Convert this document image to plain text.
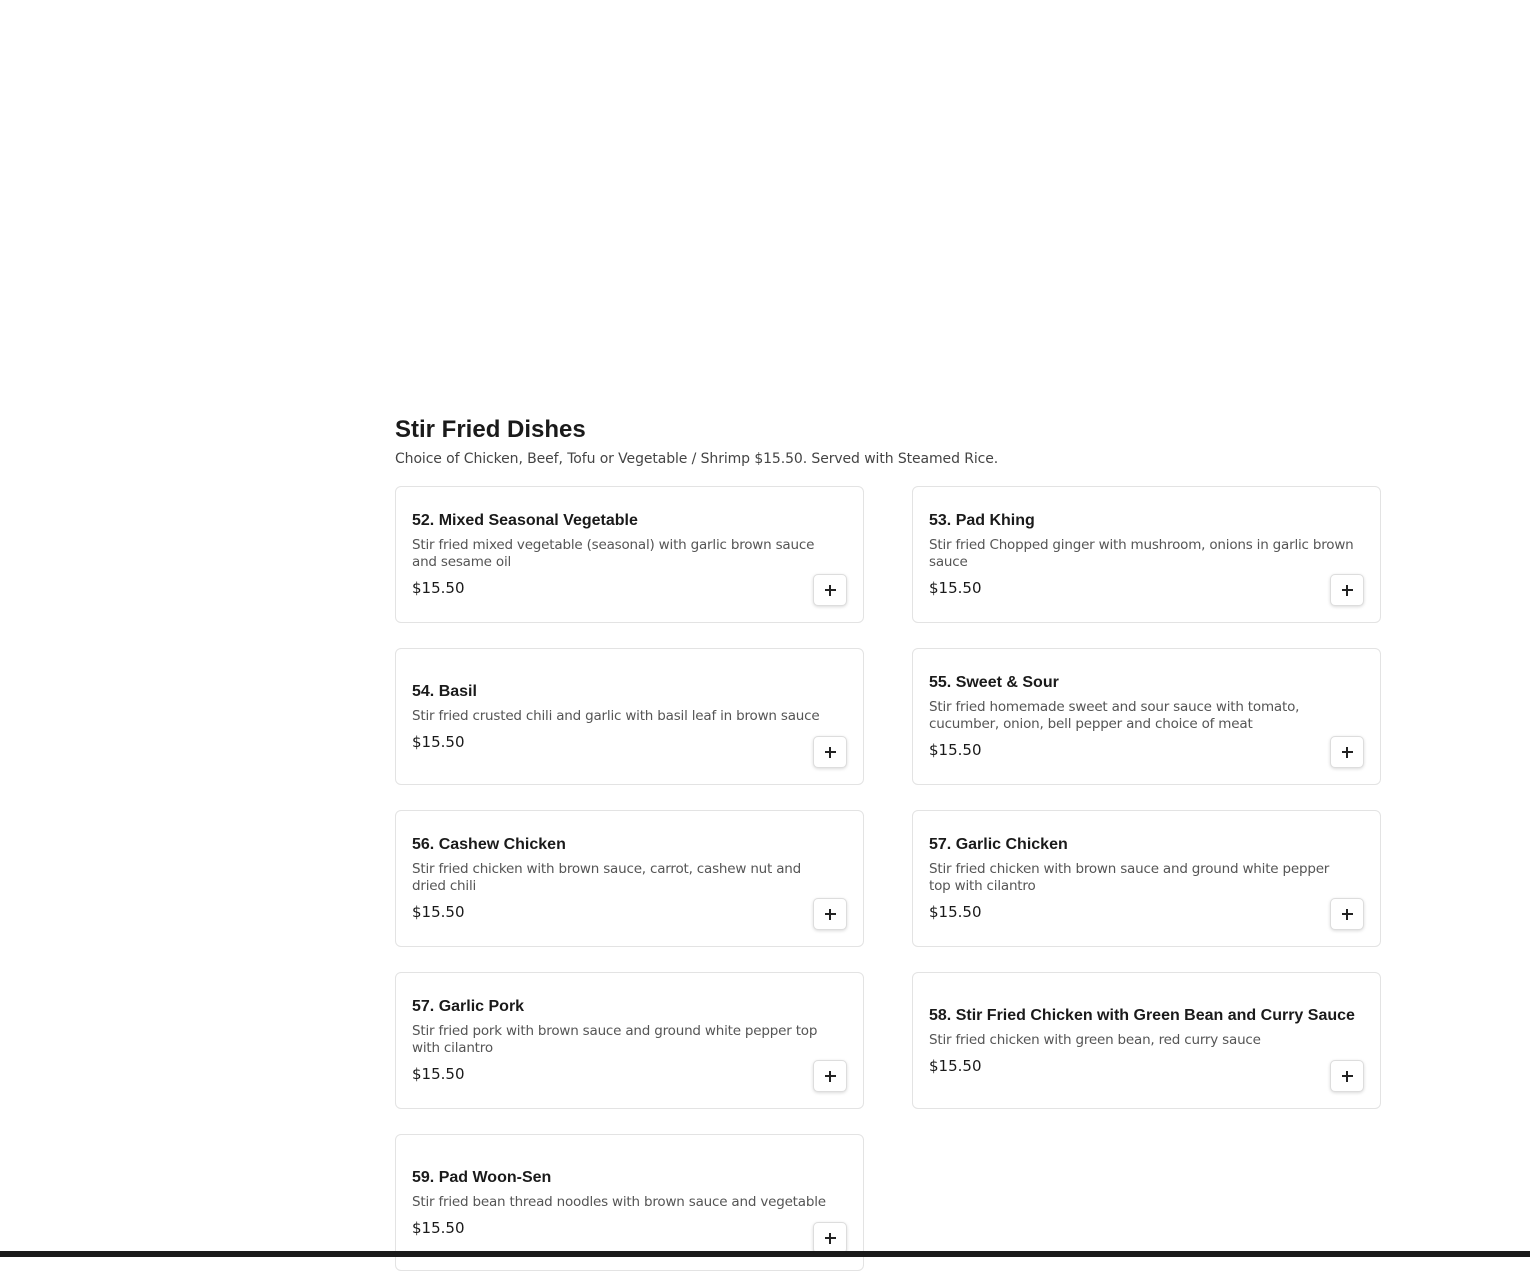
Stir Fried Dishes

Choice of Chicken, Beef, Tofu or Vegetable / Shrimp $15.50. Served with Steamed Rice.

52. Mixed Seasonal Vegetable

Stir fried mixed vegetable (seasonal) with garlic brown sauce and sesame oil

$15.50
53. Pad Khing

Stir fried Chopped ginger with mushroom, onions in garlic brown sauce

$15.50
54. Basil

Stir fried crusted chili and garlic with basil leaf in brown sauce

$15.50
55. Sweet & Sour

Stir fried homemade sweet and sour sauce with tomato, cucumber, onion, bell pepper and choice of meat

$15.50
56. Cashew Chicken

Stir fried chicken with brown sauce, carrot, cashew nut and dried chili

$15.50
57. Garlic Chicken

Stir fried chicken with brown sauce and ground white pepper top with cilantro

$15.50
57. Garlic Pork

Stir fried pork with brown sauce and ground white pepper top with cilantro

$15.50
58. Stir Fried Chicken with Green Bean and Curry Sauce

Stir fried chicken with green bean, red curry sauce

$15.50
59. Pad Woon-Sen

Stir fried bean thread noodles with brown sauce and vegetable

$15.50
